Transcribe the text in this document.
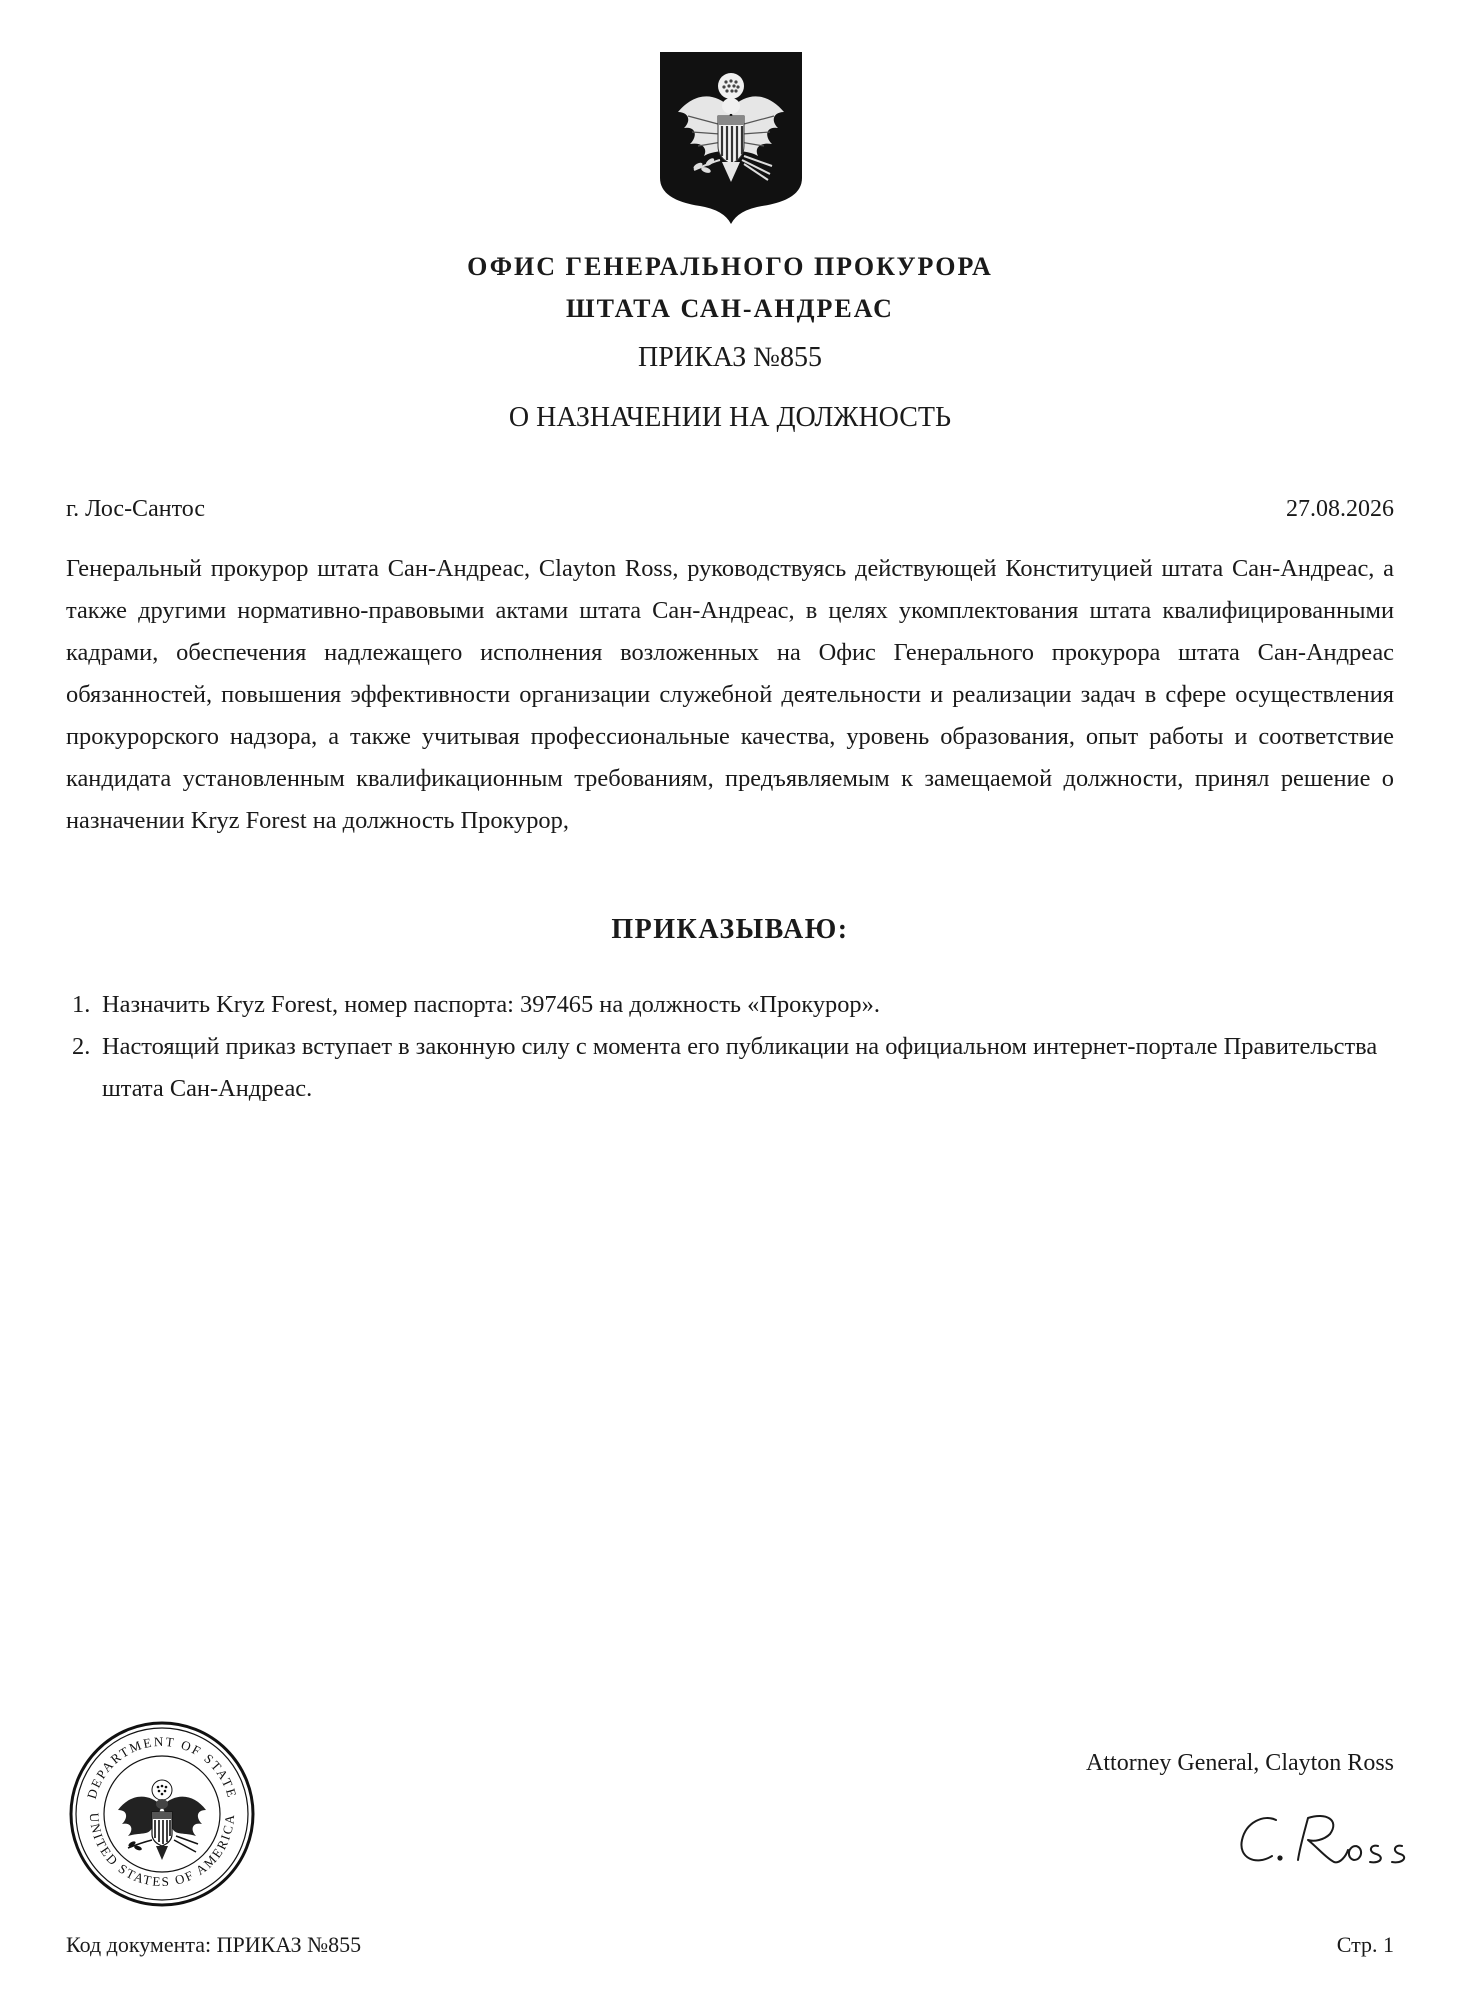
ОФИС ГЕНЕРАЛЬНОГО ПРОКУРОРА
ШТАТА САН-АНДРЕАС
ПРИКАЗ №855
О НАЗНАЧЕНИИ НА ДОЛЖНОСТЬ
г. Лос-Сантос	27.08.2026

Генеральный прокурор штата Сан-Андреас, Clayton Ross, руководствуясь действующей Конституцией штата Сан-Андреас, а также другими нормативно-правовыми актами штата Сан-Андреас, в целях укомплектования штата квалифицированными кадрами, обеспечения надлежащего исполнения возложенных на Офис Генерального прокурора штата Сан-Андреас обязанностей, повышения эффективности организации служебной деятельности и реализации задач в сфере осуществления прокурорского надзора, а также учитывая профессиональные качества, уровень образования, опыт работы и соответствие кандидата установленным квалификационным требованиям, предъявляемым к замещаемой должности, принял решение о назначении Kryz Forest на должность Прокурор,

ПРИКАЗЫВАЮ:
1. Назначить Kryz Forest, номер паспорта: 397465 на должность «Прокурор».
2. Настоящий приказ вступает в законную силу с момента его публикации на официальном интернет-портале Правительства штата Сан-Андреас.
DEPARTMENT OF STATE
UNITED STATES OF AMERICA
Attorney General, Clayton Ross
Код документа: ПРИКАЗ №855	Стр. 1
